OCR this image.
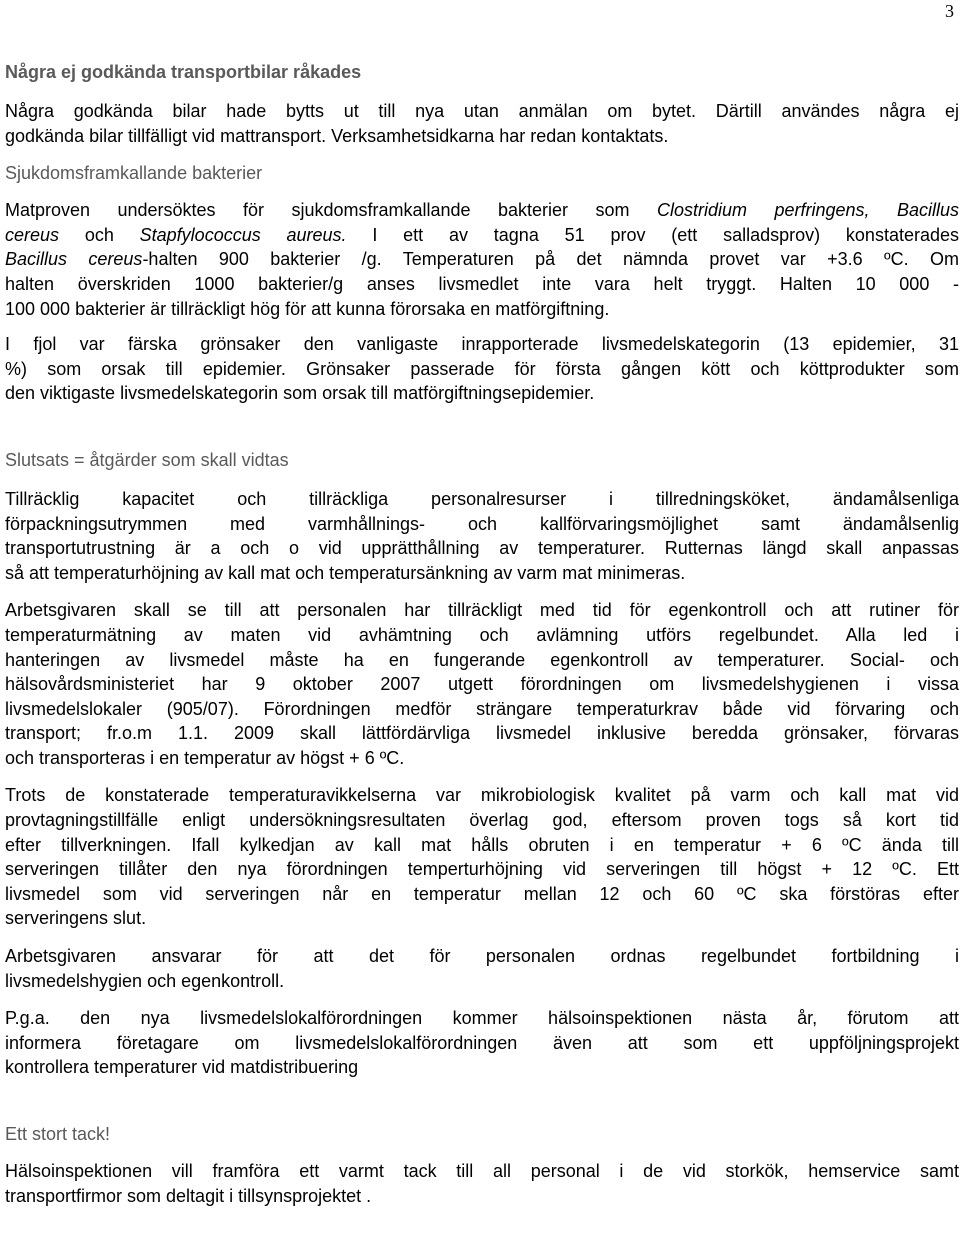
3

Några ej godkända transportbilar råkades

Några godkända bilar hade bytts ut till nya utan anmälan om bytet. Därtill användes några ej
godkända bilar tillfälligt vid mattransport. Verksamhetsidkarna har redan kontaktats.

Sjukdomsframkallande bakterier

Matproven undersöktes för sjukdomsframkallande bakterier som Clostridium perfringens, Bacillus
cereus och Stapfylococcus aureus. I ett av tagna 51 prov (ett salladsprov) konstaterades
Bacillus cereus-halten 900 bakterier /g. Temperaturen på det nämnda provet var +3.6 ºC. Om
halten överskriden 1000 bakterier/g anses livsmedlet inte vara helt tryggt. Halten 10 000 -
100 000 bakterier är tillräckligt hög för att kunna förorsaka en matförgiftning.

I fjol var färska grönsaker den vanligaste inrapporterade livsmedelskategorin (13 epidemier, 31
%) som orsak till epidemier. Grönsaker passerade för första gången kött och köttprodukter som
den viktigaste livsmedelskategorin som orsak till matförgiftningsepidemier.

Slutsats = åtgärder som skall vidtas

Tillräcklig kapacitet och tillräckliga personalresurser i tillredningsköket, ändamålsenliga
förpackningsutrymmen med varmhållnings- och kallförvaringsmöjlighet samt ändamålsenlig
transportutrustning är a och o vid upprätthållning av temperaturer. Rutternas längd skall anpassas
så att temperaturhöjning av kall mat och temperatursänkning av varm mat minimeras.

Arbetsgivaren skall se till att personalen har tillräckligt med tid för egenkontroll och att rutiner för
temperaturmätning av maten vid avhämtning och avlämning utförs regelbundet. Alla led i
hanteringen av livsmedel måste ha en fungerande egenkontroll av temperaturer. Social- och
hälsovårdsministeriet har 9 oktober 2007 utgett förordningen om livsmedelshygienen i vissa
livsmedelslokaler (905/07). Förordningen medför strängare temperaturkrav både vid förvaring och
transport; fr.o.m 1.1. 2009 skall lättfördärvliga livsmedel inklusive beredda grönsaker, förvaras
och transporteras i en temperatur av högst + 6 ºC.

Trots de konstaterade temperaturavikkelserna var mikrobiologisk kvalitet på varm och kall mat vid
provtagningstillfälle enligt undersökningsresultaten överlag god, eftersom proven togs så kort tid
efter tillverkningen. Ifall kylkedjan av kall mat hålls obruten i en temperatur + 6 ºC ända till
serveringen tillåter den nya förordningen temperturhöjning vid serveringen till högst + 12 ºC. Ett
livsmedel som vid serveringen når en temperatur mellan 12 och 60 ºC ska förstöras efter
serveringens slut.

Arbetsgivaren ansvarar för att det för personalen ordnas regelbundet fortbildning i
livsmedelshygien och egenkontroll.

P.g.a. den nya livsmedelslokalförordningen kommer hälsoinspektionen nästa år, förutom att
informera företagare om livsmedelslokalförordningen även att som ett uppföljningsprojekt
kontrollera temperaturer vid matdistribuering

Ett stort tack!

Hälsoinspektionen vill framföra ett varmt tack till all personal i de vid storkök, hemservice samt
transportfirmor som deltagit i tillsynsprojektet .
